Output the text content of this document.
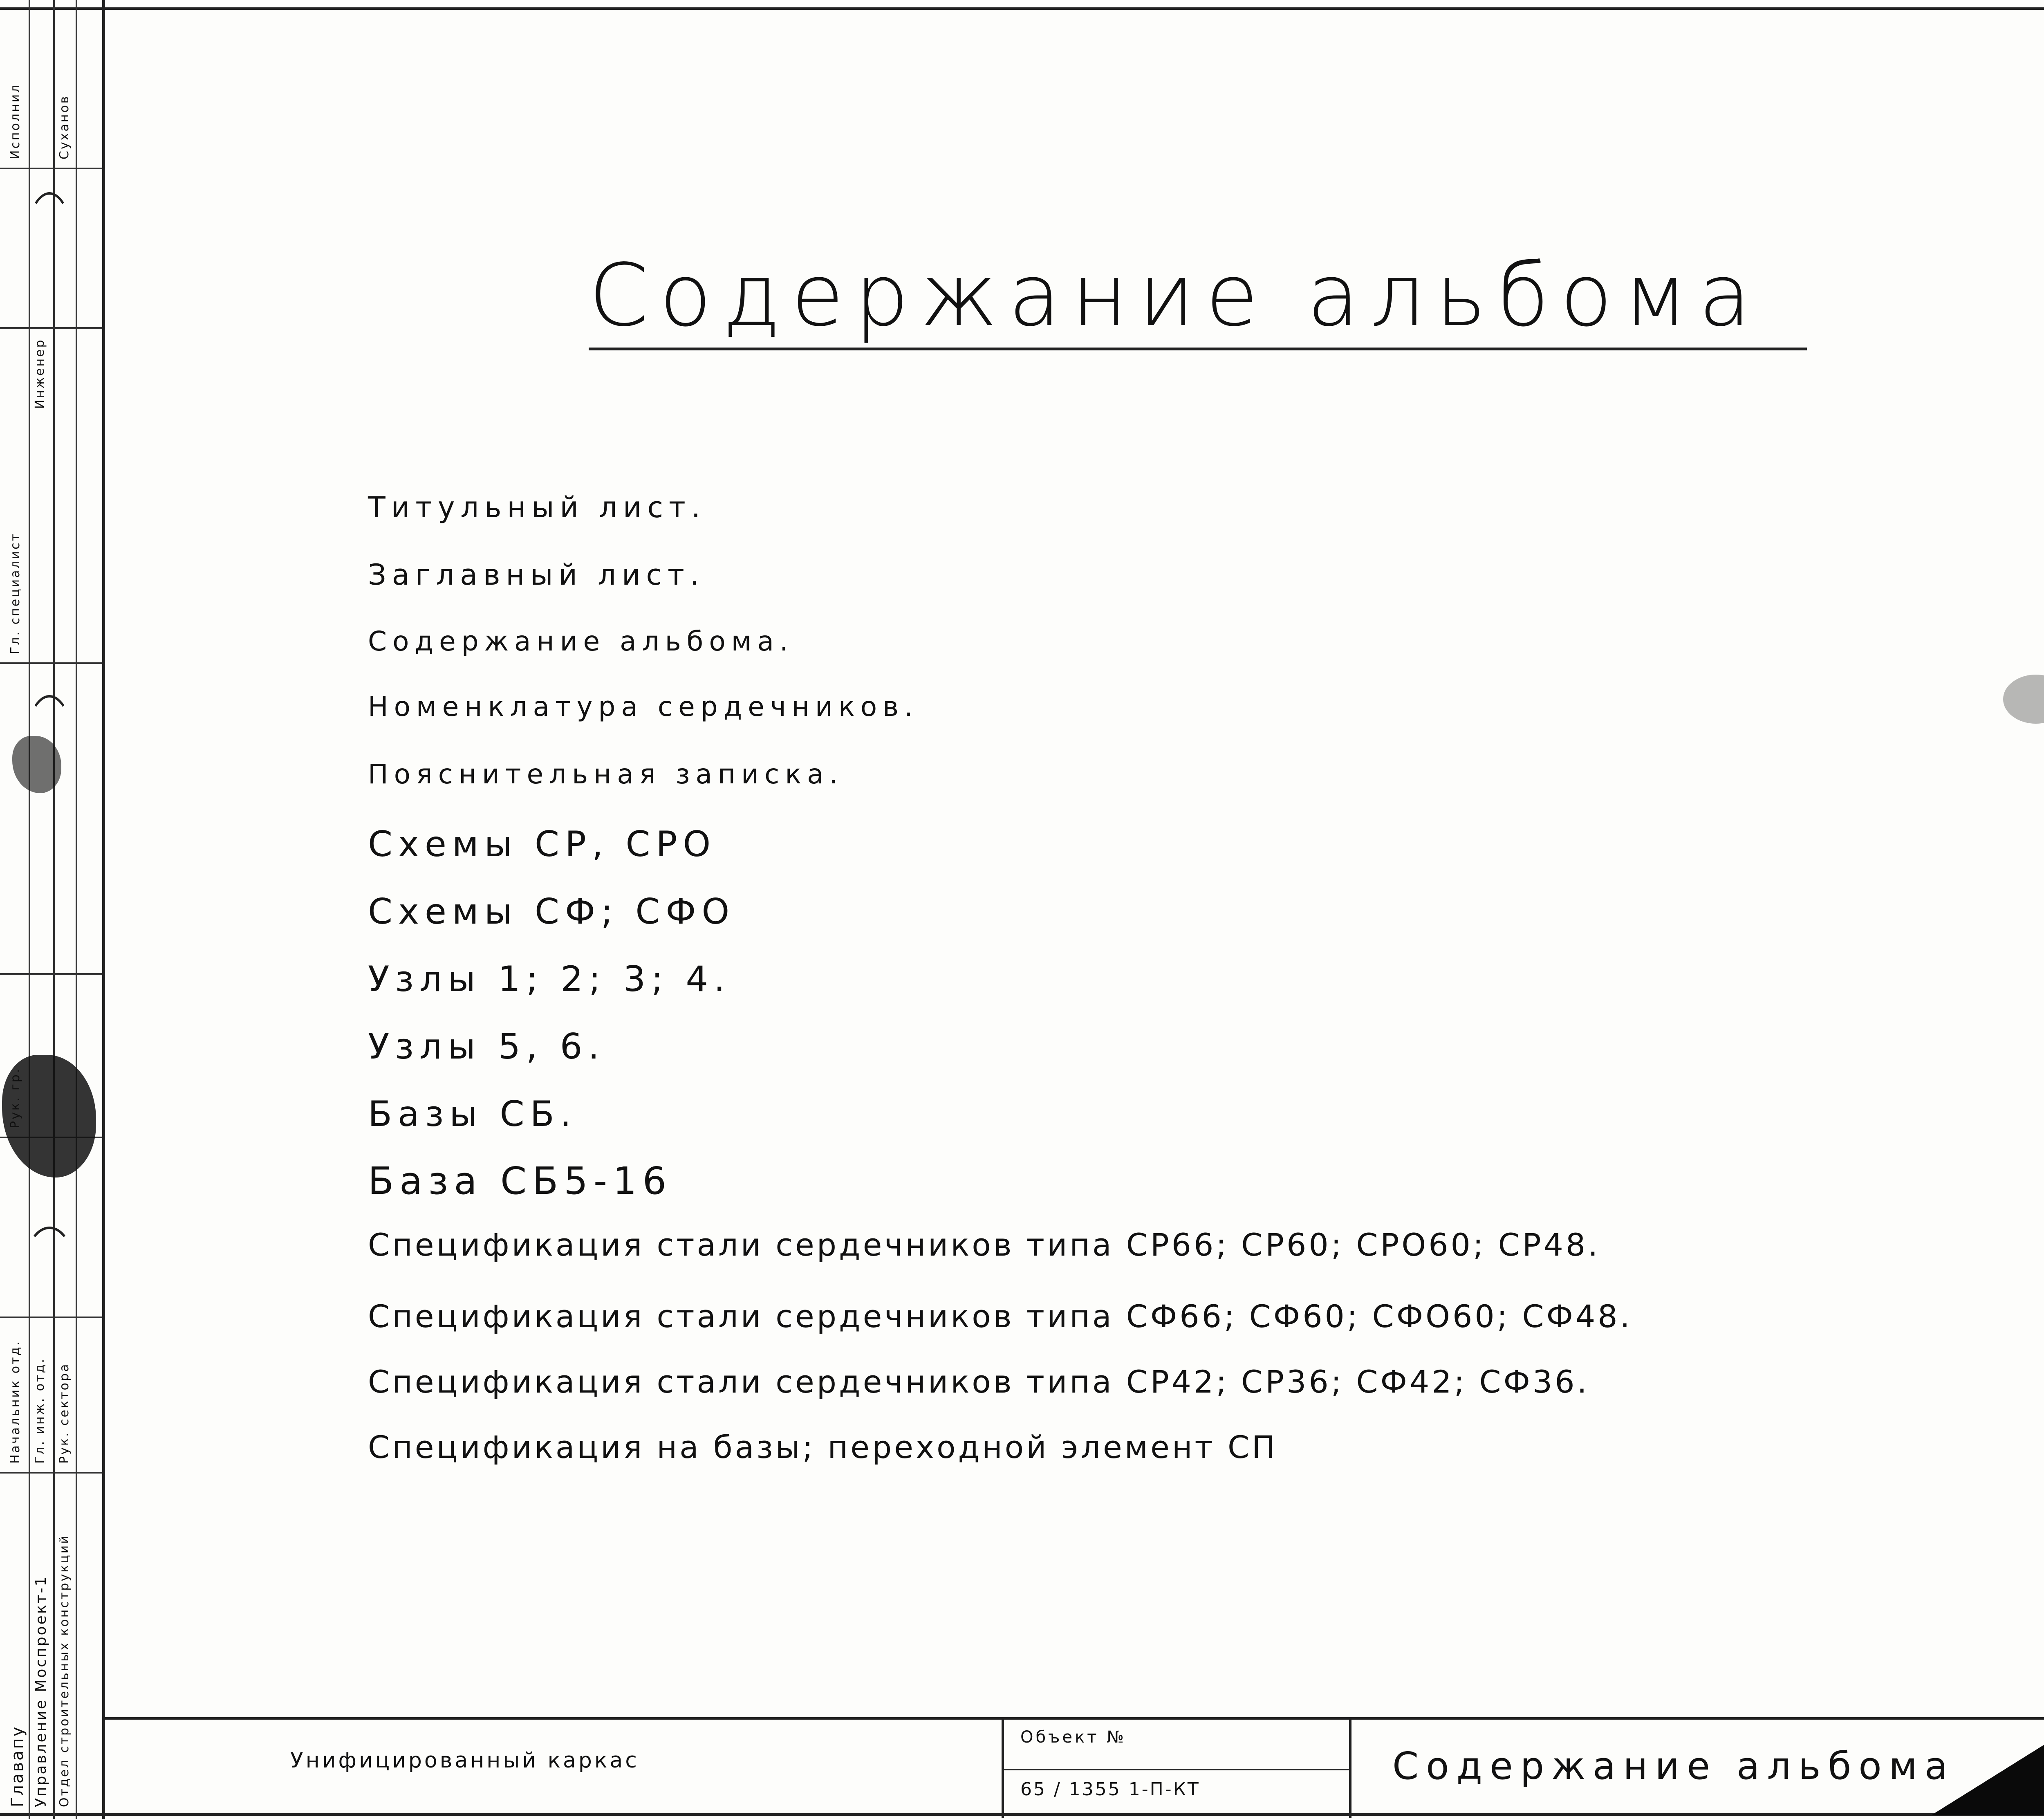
Главапу Управление Моспроект-1 Отдел строительных конструкций
Начальник отд. Гл. инж. отд. Рук. сектора
Гл. специалист
Инженер
Исполнил	Суханов
Содержание альбома
Титульный лист.
Заглавный лист.
Содержание альбома.
Номенклатура сердечников.
Пояснительная записка.
Схемы СР, СРО
Схемы СФ; СФО
Узлы 1; 2; 3; 4.
Узлы 5, 6.
Базы СБ.
База СБ5-16
Спецификация стали сердечников типа СР66; СР60; СРО60; СР48.
Спецификация стали сердечников типа СФ66; СФ60; СФО60; СФ48.
Спецификация стали сердечников типа СР42; СР36; СФ42; СФ36.
Спецификация на базы; переходной элемент СП
Унифицированный каркас
Объект №
65 / 1355 1-П-КТ
Содержание альбома
